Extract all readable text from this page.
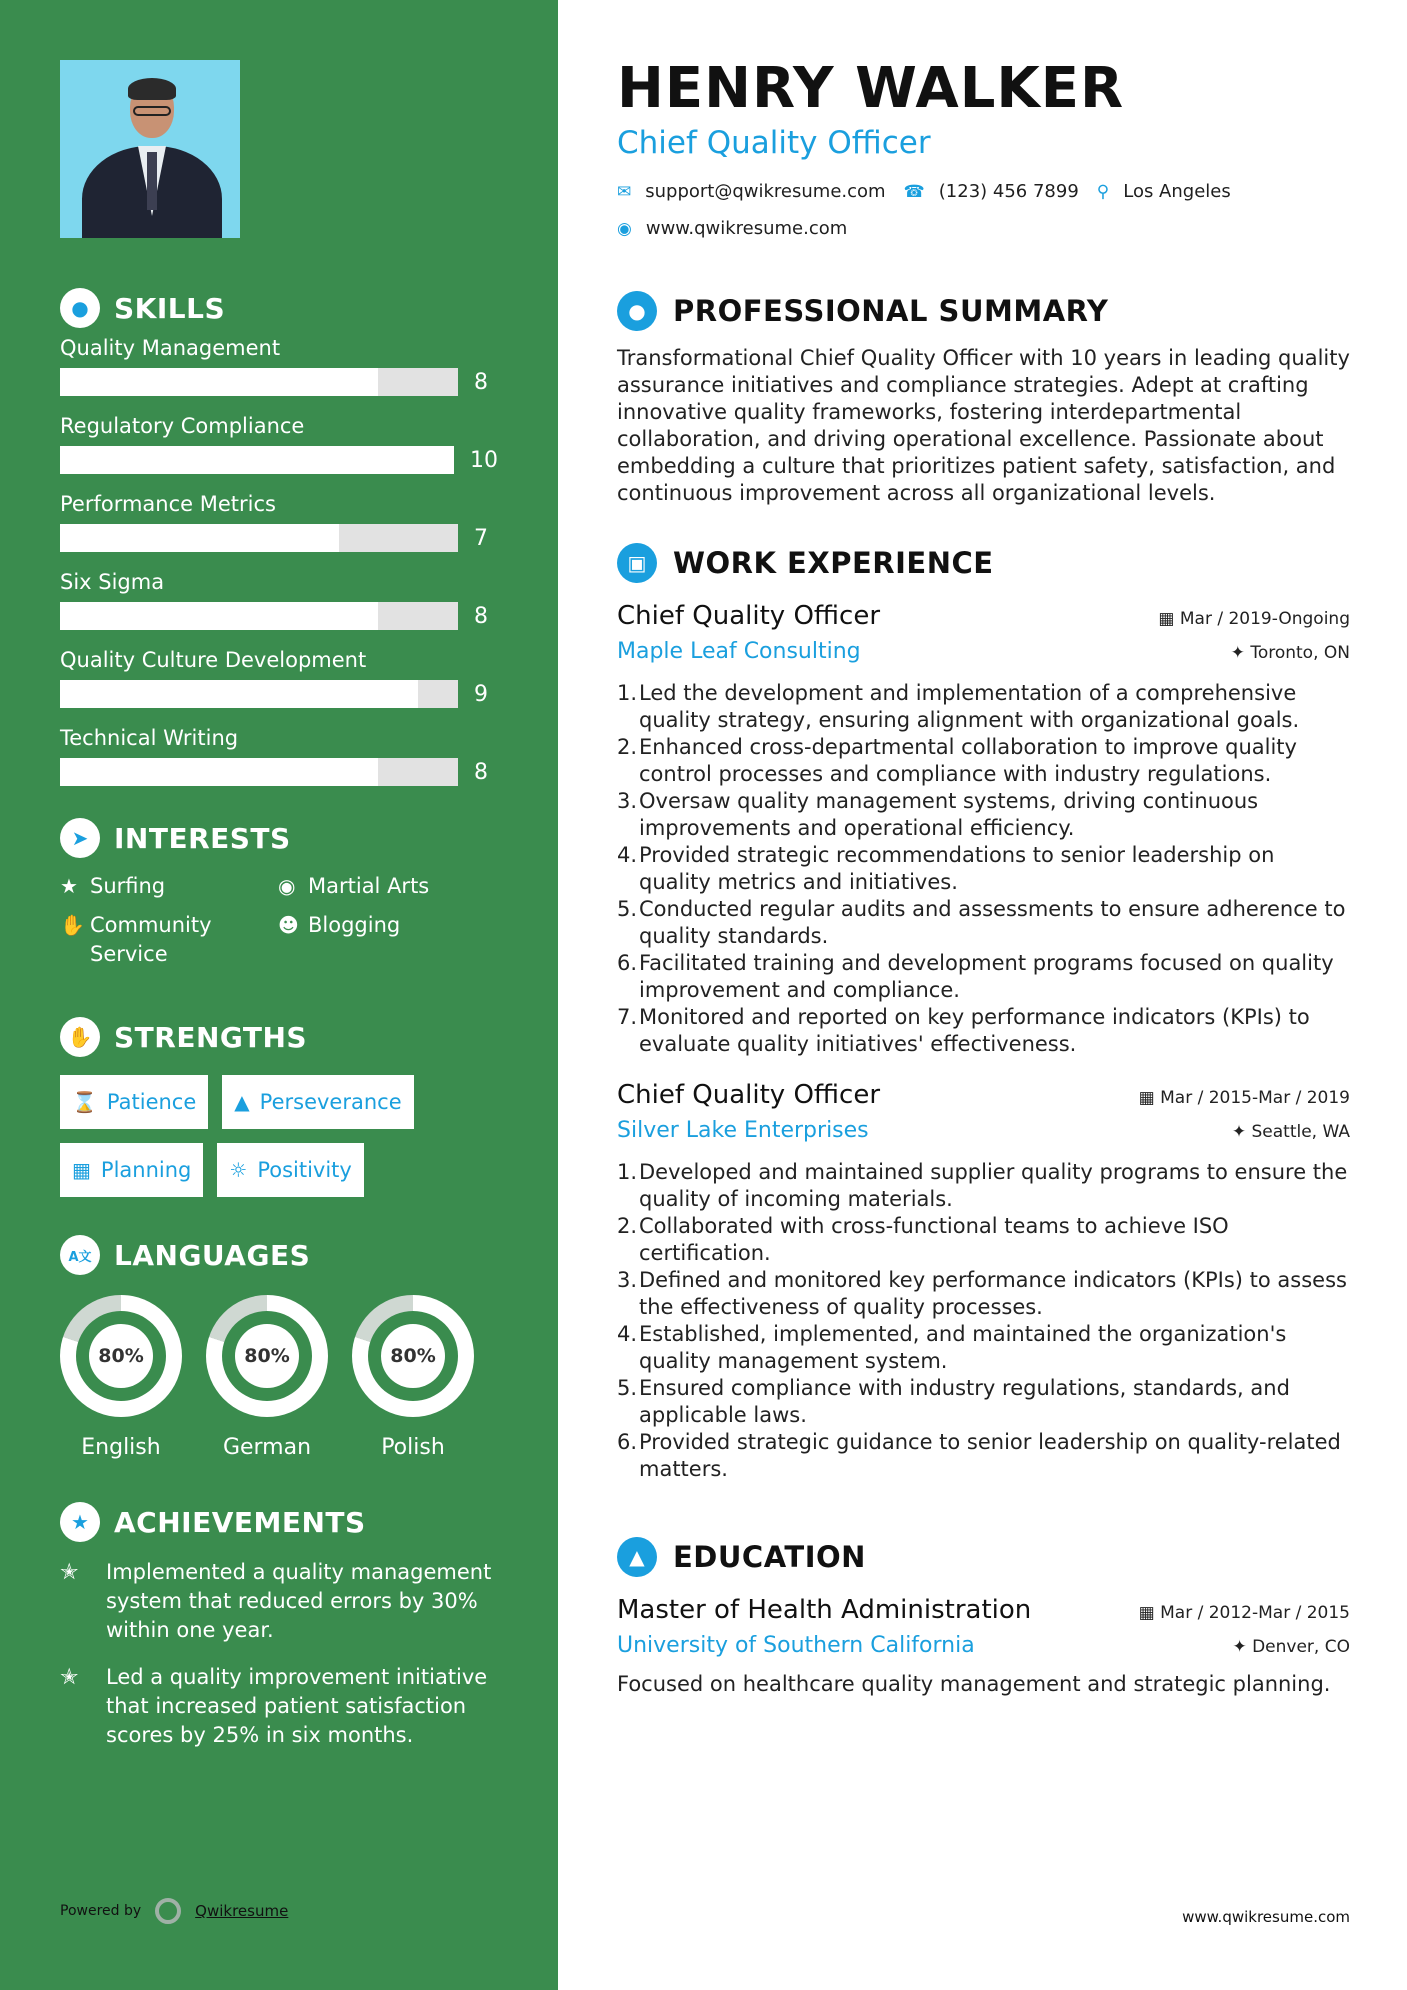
● SKILLS
Quality Management
8
Regulatory Compliance
10
Performance Metrics
7
Six Sigma
8
Quality Culture Development
9
Technical Writing
8
➤ INTERESTS
★ Surfing	◉ Martial Arts
✋ Community Service
☻ Blogging
✋ STRENGTHS
⌛ Patience ▲ Perseverance
▦ Planning ☼ Positivity
A文 LANGUAGES
80%
English
80%
German
80%
Polish
★ ACHIEVEMENTS
✭	Implemented a quality management system that reduced errors by 30% within one year.
✭	Led a quality improvement initiative that increased patient satisfaction scores by 25% in six months.
Powered by	Qwikresume
HENRY WALKER
Chief Quality Officer
✉ support@qwikresume.com ☎ (123) 456 7899 ⚲ Los Angeles
◉ www.qwikresume.com
● PROFESSIONAL SUMMARY

Transformational Chief Quality Officer with 10 years in leading quality assurance initiatives and compliance strategies. Adept at crafting innovative quality frameworks, fostering interdepartmental collaboration, and driving operational excellence. Passionate about embedding a culture that prioritizes patient safety, satisfaction, and continuous improvement across all organizational levels.

▣ WORK EXPERIENCE
Chief Quality Officer	▦ Mar / 2019-Ongoing
Maple Leaf Consulting	✦ Toronto, ON
1. Led the development and implementation of a comprehensive quality strategy, ensuring alignment with organizational goals.
2. Enhanced cross-departmental collaboration to improve quality control processes and compliance with industry regulations.
3. Oversaw quality management systems, driving continuous improvements and operational efficiency.
4. Provided strategic recommendations to senior leadership on quality metrics and initiatives.
5. Conducted regular audits and assessments to ensure adherence to quality standards.
6. Facilitated training and development programs focused on quality improvement and compliance.
7. Monitored and reported on key performance indicators (KPIs) to evaluate quality initiatives' effectiveness.
Chief Quality Officer	▦ Mar / 2015-Mar / 2019
Silver Lake Enterprises	✦ Seattle, WA
1. Developed and maintained supplier quality programs to ensure the quality of incoming materials.
2. Collaborated with cross-functional teams to achieve ISO certification.
3. Defined and monitored key performance indicators (KPIs) to assess the effectiveness of quality processes.
4. Established, implemented, and maintained the organization's quality management system.
5. Ensured compliance with industry regulations, standards, and applicable laws.
6. Provided strategic guidance to senior leadership on quality-related matters.
▲ EDUCATION
Master of Health Administration	▦ Mar / 2012-Mar / 2015
University of Southern California	✦ Denver, CO

Focused on healthcare quality management and strategic planning.

www.qwikresume.com
